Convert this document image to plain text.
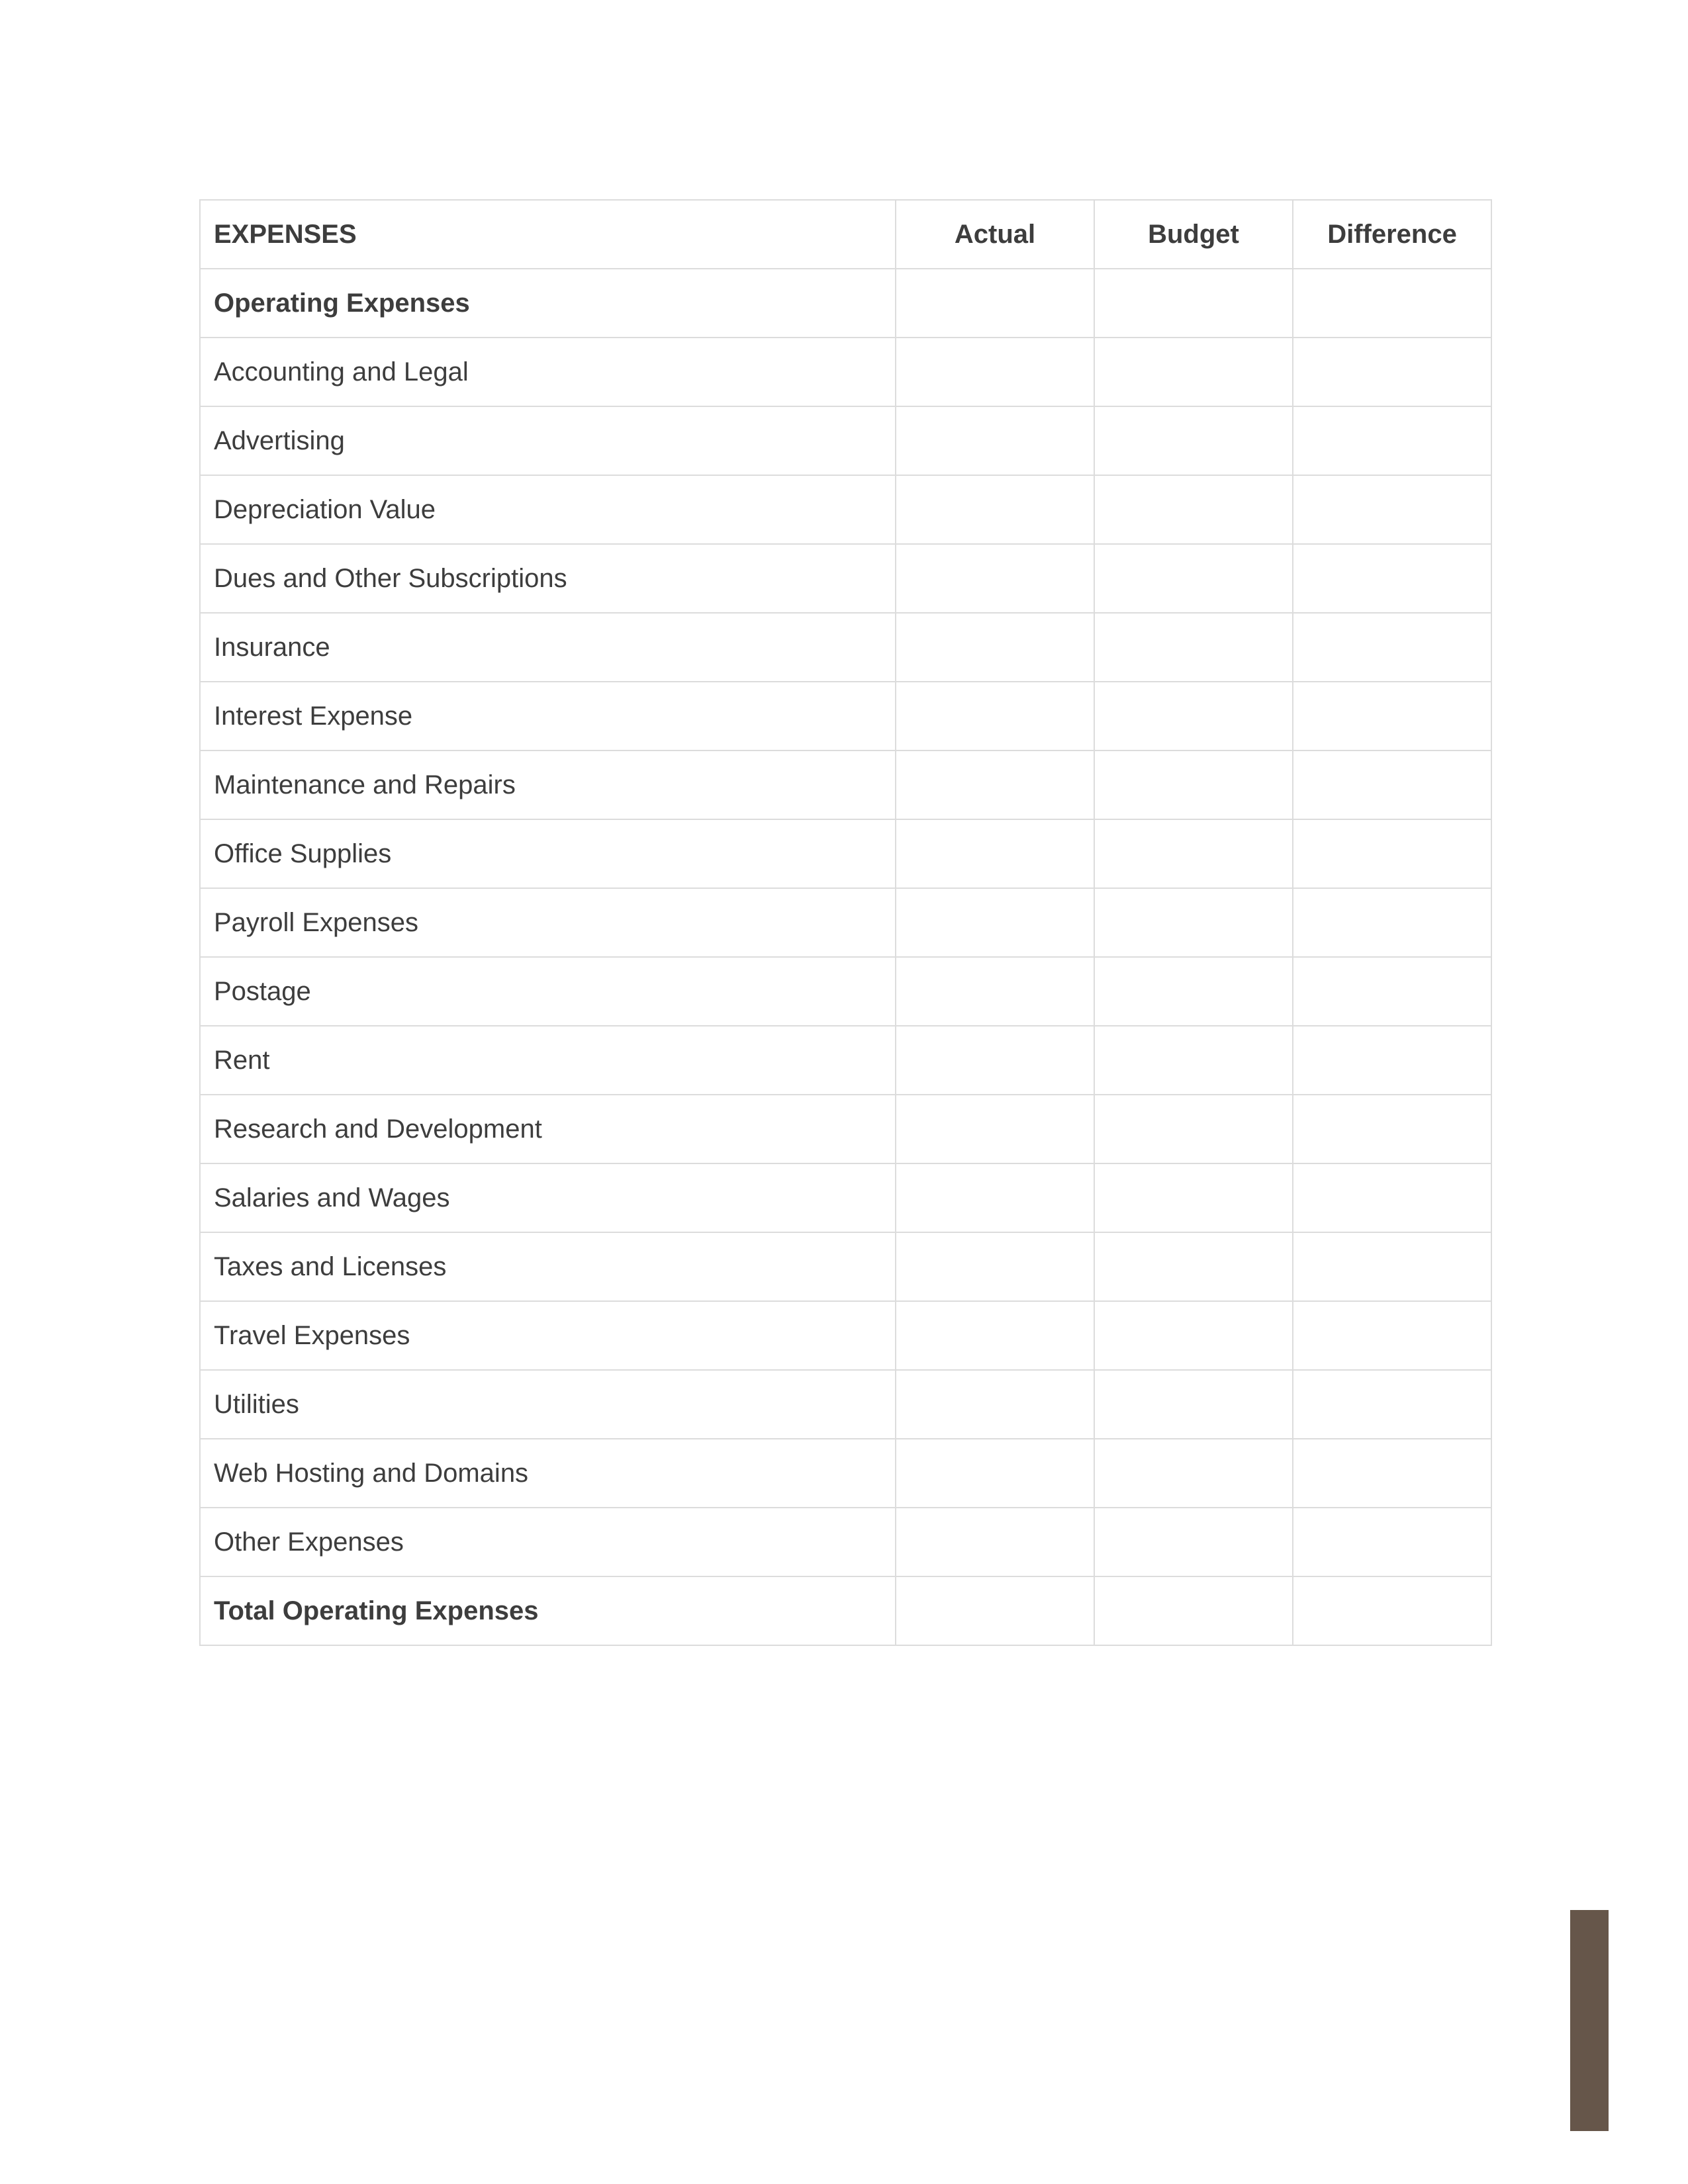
EXPENSES	Actual	Budget	Difference
Operating Expenses			
Accounting and Legal			
Advertising			
Depreciation Value			
Dues and Other Subscriptions			
Insurance			
Interest Expense			
Maintenance and Repairs			
Office Supplies			
Payroll Expenses			
Postage			
Rent			
Research and Development			
Salaries and Wages			
Taxes and Licenses			
Travel Expenses			
Utilities			
Web Hosting and Domains			
Other Expenses			
Total Operating Expenses			
